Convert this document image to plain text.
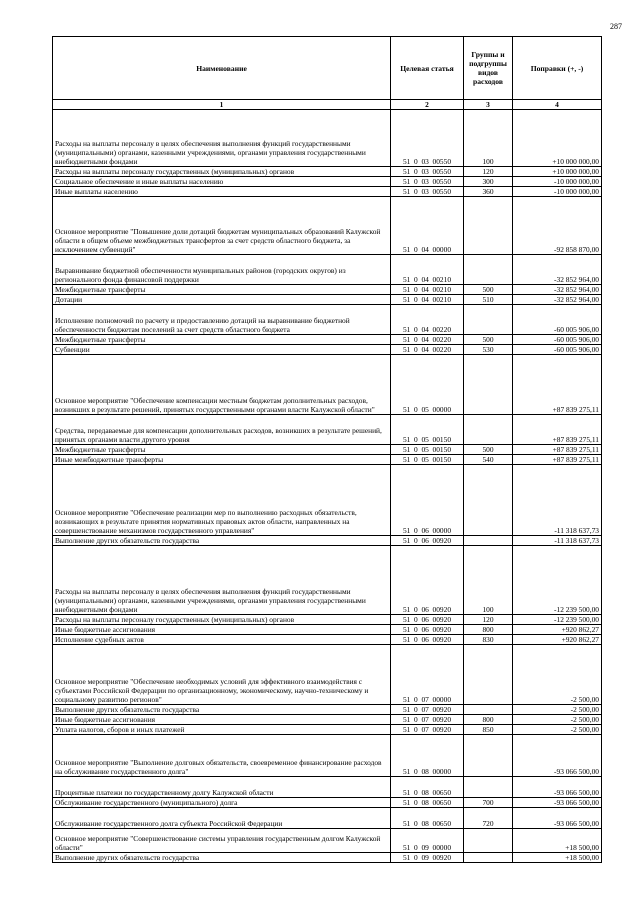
287
Наименование	Целевая статья	Группы и подгруппы видов расходов	Поправки (+, -)
1	2	3	4
Расходы на выплаты персоналу в целях обеспечения выполнения функций государственными (муниципальными) органами, казенными учреждениями, органами управления государственными внебюджетными фондами	51  0  03  00550	100	+10 000 000,00
Расходы на выплаты персоналу государственных (муниципальных) органов	51  0  03  00550	120	+10 000 000,00
Социальное обеспечение и иные выплаты населению	51  0  03  00550	300	-10 000 000,00
Иные выплаты населению	51  0  03  00550	360	-10 000 000,00
Основное мероприятие "Повышение доли дотаций бюджетам муниципальных образований Калужской области в общем объеме межбюджетных трансфертов за счет средств областного бюджета, за исключением субвенций"	51  0  04  00000		-92 858 870,00
Выравнивание бюджетной обеспеченности муниципальных районов (городских округов) из регионального фонда финансовой поддержки	51  0  04  00210		-32 852 964,00
Межбюджетные трансферты	51  0  04  00210	500	-32 852 964,00
Дотации	51  0  04  00210	510	-32 852 964,00
Исполнение полномочий по расчету и предоставлению дотаций на выравнивание бюджетной обеспеченности бюджетам поселений за счет средств областного бюджета	51  0  04  00220		-60 005 906,00
Межбюджетные трансферты	51  0  04  00220	500	-60 005 906,00
Субвенции	51  0  04  00220	530	-60 005 906,00
Основное мероприятие "Обеспечение компенсации местным бюджетам дополнительных расходов, возникших в результате решений, принятых государственными органами власти Калужской области"	51  0  05  00000		+87 839 275,11
Средства, передаваемые для компенсации дополнительных расходов, возникших в результате решений, принятых органами власти другого уровня	51  0  05  00150		+87 839 275,11
Межбюджетные трансферты	51  0  05  00150	500	+87 839 275,11
Иные межбюджетные трансферты	51  0  05  00150	540	+87 839 275,11
Основное мероприятие "Обеспечение реализации мер по выполнению расходных обязательств, возникающих в результате принятия нормативных правовых актов области, направленных на совершенствование механизмов государственного управления"	51  0  06  00000		-11 318 637,73
Выполнение других обязательств государства	51  0  06  00920		-11 318 637,73
Расходы на выплаты персоналу в целях обеспечения выполнения функций государственными (муниципальными) органами, казенными учреждениями, органами управления государственными внебюджетными фондами	51  0  06  00920	100	-12 239 500,00
Расходы на выплаты персоналу государственных (муниципальных) органов	51  0  06  00920	120	-12 239 500,00
Иные бюджетные ассигнования	51  0  06  00920	800	+920 862,27
Исполнение судебных актов	51  0  06  00920	830	+920 862,27
Основное мероприятие "Обеспечение необходимых условий для эффективного взаимодействия с субъектами Российской Федерации по организационному, экономическому, научно-техническому и социальному развитию регионов"	51  0  07  00000		-2 500,00
Выполнение других обязательств государства	51  0  07  00920		-2 500,00
Иные бюджетные ассигнования	51  0  07  00920	800	-2 500,00
Уплата налогов, сборов и иных платежей	51  0  07  00920	850	-2 500,00
Основное мероприятие "Выполнение долговых обязательств, своевременное финансирование расходов на обслуживание государственного долга"	51  0  08  00000		-93 066 500,00
Процентные платежи по государственному долгу Калужской области	51  0  08  00650		-93 066 500,00
Обслуживание государственного (муниципального) долга	51  0  08  00650	700	-93 066 500,00
Обслуживание государственного долга субъекта Российской Федерации	51  0  08  00650	720	-93 066 500,00
Основное мероприятие "Совершенствование системы управления государственным долгом Калужской области"	51  0  09  00000		+18 500,00
Выполнение других обязательств государства	51  0  09  00920		+18 500,00
